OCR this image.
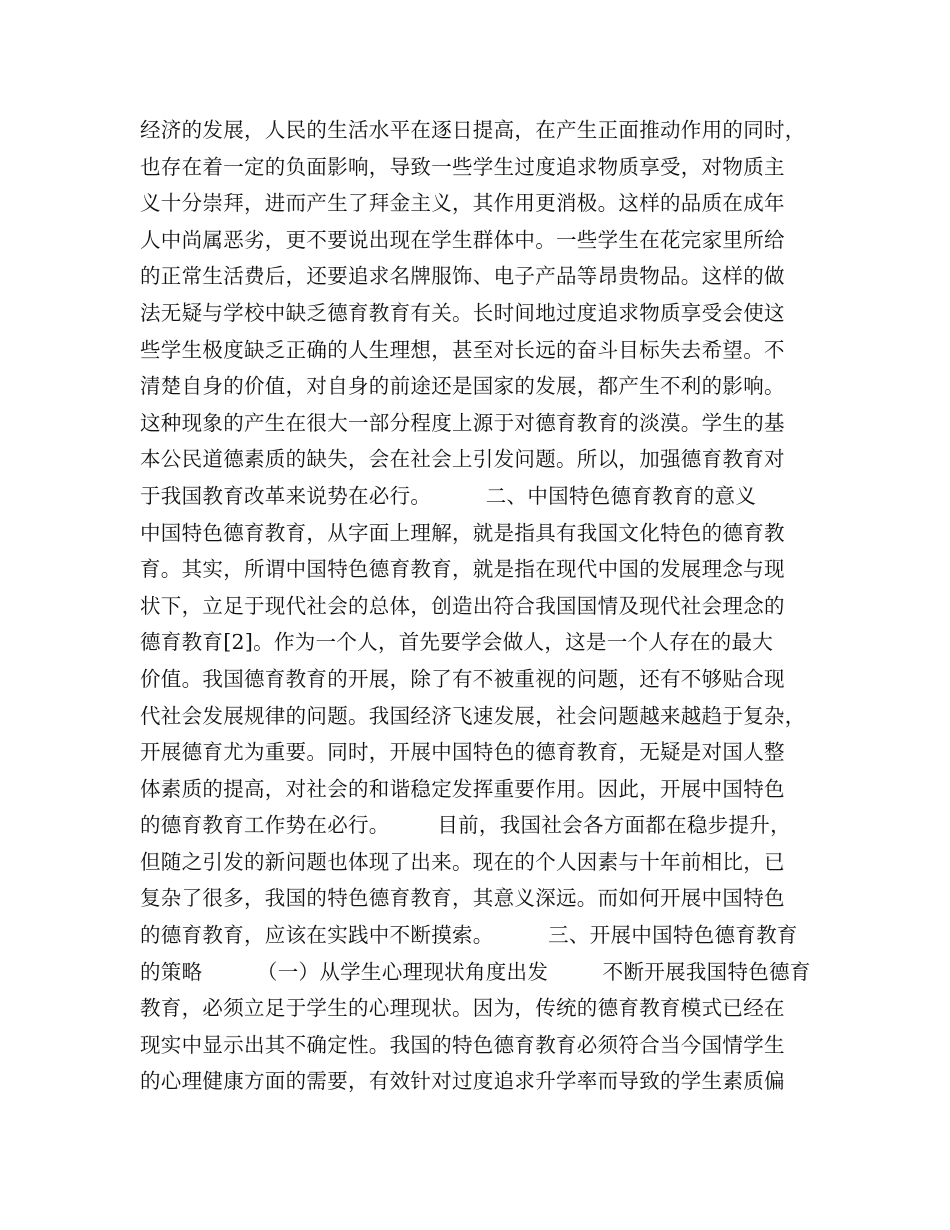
经济的发展，人民的生活水平在逐日提高，在产生正面推动作用的同时，
也存在着一定的负面影响，导致一些学生过度追求物质享受，对物质主
义十分崇拜，进而产生了拜金主义，其作用更消极。这样的品质在成年
人中尚属恶劣，更不要说出现在学生群体中。一些学生在花完家里所给
的正常生活费后，还要追求名牌服饰、电子产品等昂贵物品。这样的做
法无疑与学校中缺乏德育教育有关。长时间地过度追求物质享受会使这
些学生极度缺乏正确的人生理想，甚至对长远的奋斗目标失去希望。不
清楚自身的价值，对自身的前途还是国家的发展，都产生不利的影响。
这种现象的产生在很大一部分程度上源于对德育教育的淡漠。学生的基
本公民道德素质的缺失，会在社会上引发问题。所以，加强德育教育对
于我国教育改革来说势在必行。        二、中国特色德育教育的意义
中国特色德育教育，从字面上理解，就是指具有我国文化特色的德育教
育。其实，所谓中国特色德育教育，就是指在现代中国的发展理念与现
状下，立足于现代社会的总体，创造出符合我国国情及现代社会理念的
德育教育[2]。作为一个人，首先要学会做人，这是一个人存在的最大
价值。我国德育教育的开展，除了有不被重视的问题，还有不够贴合现
代社会发展规律的问题。我国经济飞速发展，社会问题越来越趋于复杂，
开展德育尤为重要。同时，开展中国特色的德育教育，无疑是对国人整
体素质的提高，对社会的和谐稳定发挥重要作用。因此，开展中国特色
的德育教育工作势在必行。       目前，我国社会各方面都在稳步提升，
但随之引发的新问题也体现了出来。现在的个人因素与十年前相比，已
复杂了很多，我国的特色德育教育，其意义深远。而如何开展中国特色
的德育教育，应该在实践中不断摸索。        三、开展中国特色德育教育
的策略        （一）从学生心理现状角度出发        不断开展我国特色德育
教育，必须立足于学生的心理现状。因为，传统的德育教育模式已经在
现实中显示出其不确定性。我国的特色德育教育必须符合当今国情学生
的心理健康方面的需要，有效针对过度追求升学率而导致的学生素质偏
